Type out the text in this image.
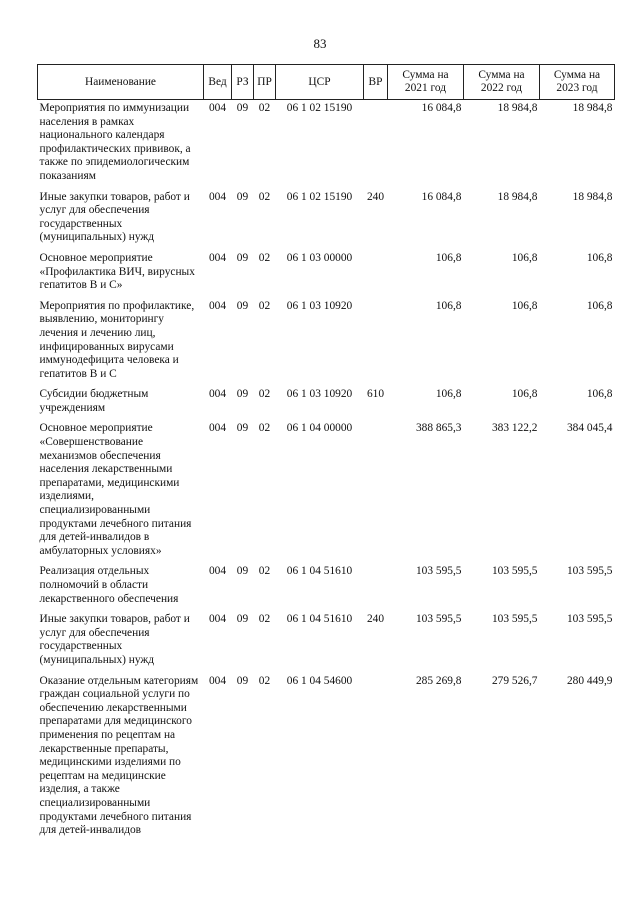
83
Наименование	Вед	РЗ	ПР	ЦСР	ВР	Сумма на 2021 год	Сумма на 2022 год	Сумма на 2023 год
Мероприятия по иммунизации населения в рамках национального календаря профилактических прививок, а также по эпидемиологическим показаниям	004	09	02	06 1 02 15190		16 084,8	18 984,8	18 984,8
Иные закупки товаров, работ и услуг для обеспечения государственных (муниципальных) нужд	004	09	02	06 1 02 15190	240	16 084,8	18 984,8	18 984,8
Основное мероприятие «Профилактика ВИЧ, вирусных гепатитов В и С»	004	09	02	06 1 03 00000		106,8	106,8	106,8
Мероприятия по профилактике, выявлению, мониторингу лечения и лечению лиц, инфицированных вирусами иммунодефицита человека и гепатитов В и С	004	09	02	06 1 03 10920		106,8	106,8	106,8
Субсидии бюджетным учреждениям	004	09	02	06 1 03 10920	610	106,8	106,8	106,8
Основное мероприятие «Совершенствование механизмов обеспечения населения лекарственными препаратами, медицинскими изделиями, специализированными продуктами лечебного питания для детей-инвалидов в амбулаторных условиях»	004	09	02	06 1 04 00000		388 865,3	383 122,2	384 045,4
Реализация отдельных полномочий в области лекарственного обеспечения	004	09	02	06 1 04 51610		103 595,5	103 595,5	103 595,5
Иные закупки товаров, работ и услуг для обеспечения государственных (муниципальных) нужд	004	09	02	06 1 04 51610	240	103 595,5	103 595,5	103 595,5
Оказание отдельным категориям граждан социальной услуги по обеспечению лекарственными препаратами для медицинского применения по рецептам на лекарственные препараты, медицинскими изделиями по рецептам на медицинские изделия, а также специализированными продуктами лечебного питания для детей-инвалидов	004	09	02	06 1 04 54600		285 269,8	279 526,7	280 449,9
